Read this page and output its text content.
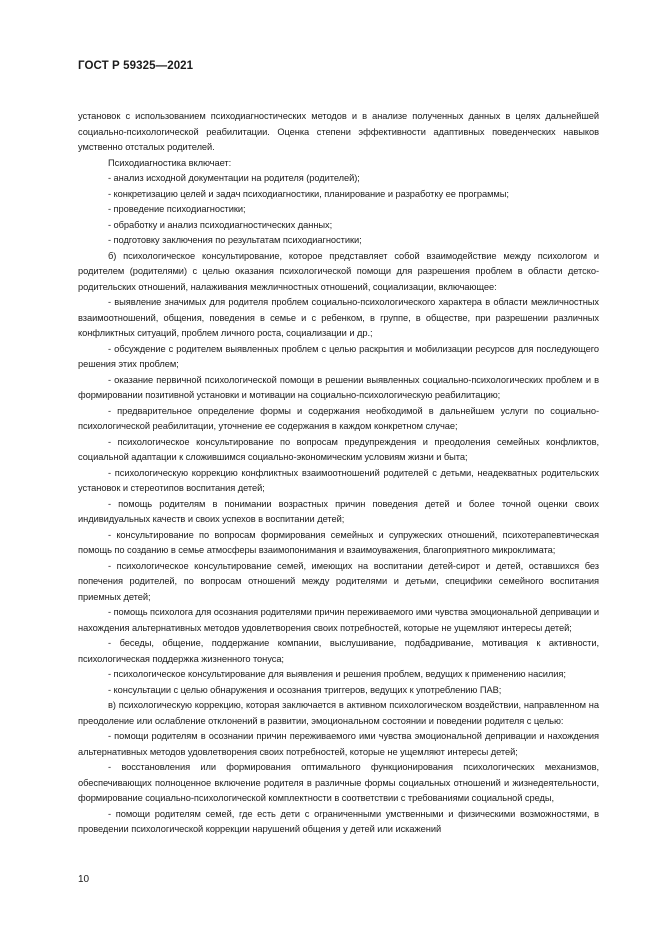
ГОСТ Р 59325—2021

установок с использованием психодиагностических методов и в анализе полученных данных в целях дальнейшей социально-психологической реабилитации. Оценка степени эффективности адаптивных поведенческих навыков умственно отсталых родителей.

Психодиагностика включает:

- анализ исходной документации на родителя (родителей);

- конкретизацию целей и задач психодиагностики, планирование и разработку ее программы;

- проведение психодиагностики;

- обработку и анализ психодиагностических данных;

- подготовку заключения по результатам психодиагностики;

б) психологическое консультирование, которое представляет собой взаимодействие между психологом и родителем (родителями) с целью оказания психологической помощи для разрешения проблем в области детско-родительских отношений, налаживания межличностных отношений, социализации, включающее:

- выявление значимых для родителя проблем социально-психологического характера в области межличностных взаимоотношений, общения, поведения в семье и с ребенком, в группе, в обществе, при разрешении различных конфликтных ситуаций, проблем личного роста, социализации и др.;

- обсуждение с родителем выявленных проблем с целью раскрытия и мобилизации ресурсов для последующего решения этих проблем;

- оказание первичной психологической помощи в решении выявленных социально-психологических проблем и в формировании позитивной установки и мотивации на социально-психологическую реабилитацию;

- предварительное определение формы и содержания необходимой в дальнейшем услуги по социально-психологической реабилитации, уточнение ее содержания в каждом конкретном случае;

- психологическое консультирование по вопросам предупреждения и преодоления семейных конфликтов, социальной адаптации к сложившимся социально-экономическим условиям жизни и быта;

- психологическую коррекцию конфликтных взаимоотношений родителей с детьми, неадекватных родительских установок и стереотипов воспитания детей;

- помощь родителям в понимании возрастных причин поведения детей и более точной оценки своих индивидуальных качеств и своих успехов в воспитании детей;

- консультирование по вопросам формирования семейных и супружеских отношений, психотерапевтическая помощь по созданию в семье атмосферы взаимопонимания и взаимоуважения, благоприятного микроклимата;

- психологическое консультирование семей, имеющих на воспитании детей-сирот и детей, оставшихся без попечения родителей, по вопросам отношений между родителями и детьми, специфики семейного воспитания приемных детей;

- помощь психолога для осознания родителями причин переживаемого ими чувства эмоциональной депривации и нахождения альтернативных методов удовлетворения своих потребностей, которые не ущемляют интересы детей;

- беседы, общение, поддержание компании, выслушивание, подбадривание, мотивация к активности, психологическая поддержка жизненного тонуса;

- психологическое консультирование для выявления и решения проблем, ведущих к применению насилия;

- консультации с целью обнаружения и осознания триггеров, ведущих к употреблению ПАВ;

в) психологическую коррекцию, которая заключается в активном психологическом воздействии, направленном на преодоление или ослабление отклонений в развитии, эмоциональном состоянии и поведении родителя с целью:

- помощи родителям в осознании причин переживаемого ими чувства эмоциональной депривации и нахождения альтернативных методов удовлетворения своих потребностей, которые не ущемляют интересы детей;

- восстановления или формирования оптимального функционирования психологических механизмов, обеспечивающих полноценное включение родителя в различные формы социальных отношений и жизнедеятельности, формирование социально-психологической комплектности в соответствии с требованиями социальной среды,

- помощи родителям семей, где есть дети с ограниченными умственными и физическими возможностями, в проведении психологической коррекции нарушений общения у детей или искажений

10
